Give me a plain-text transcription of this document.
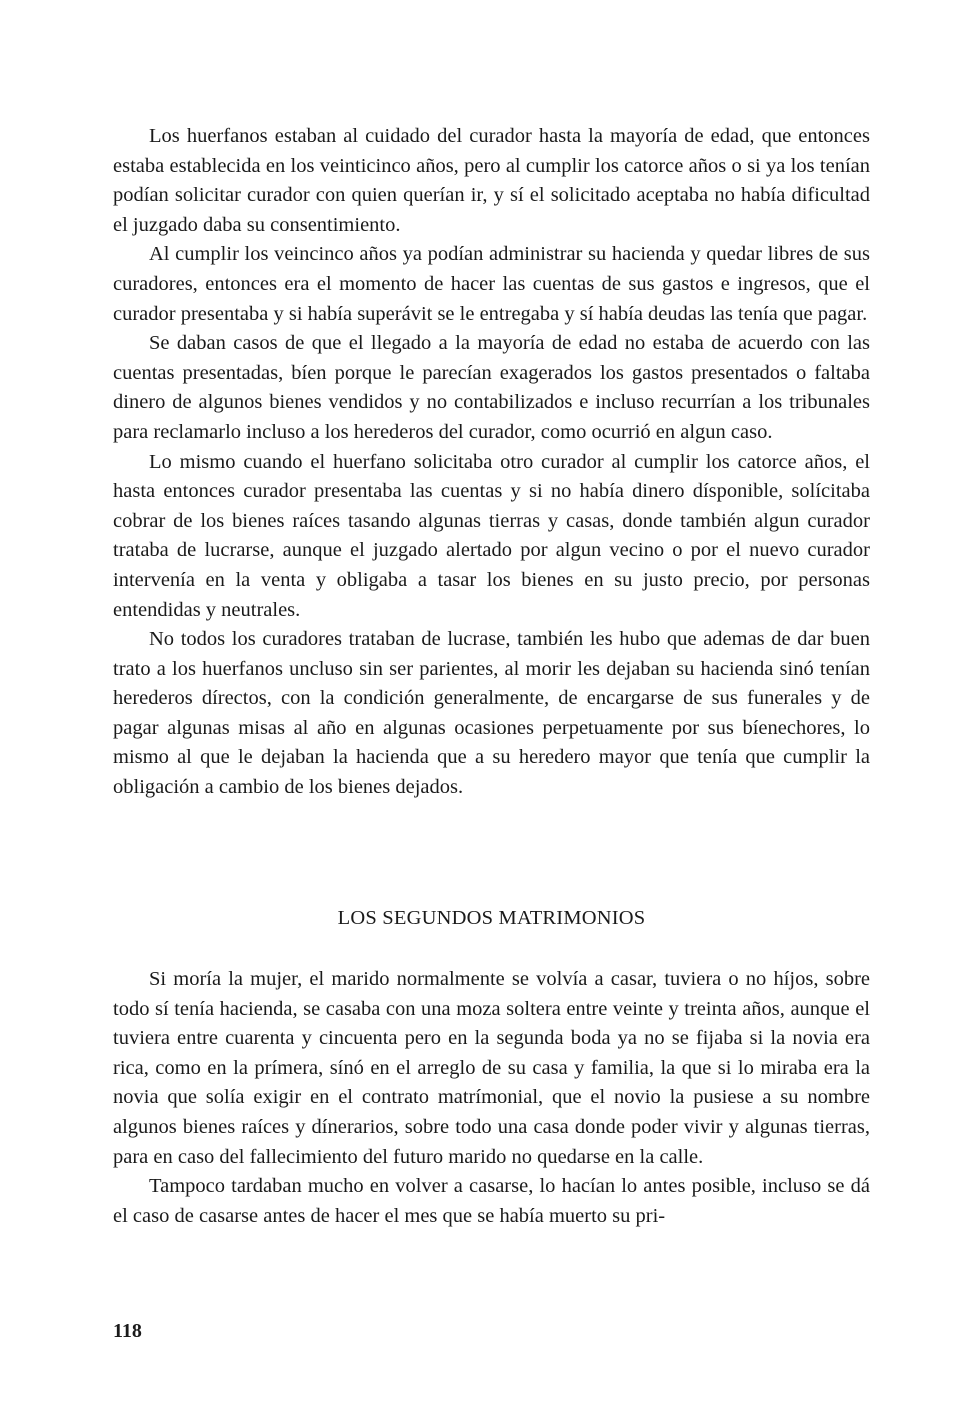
Los huerfanos estaban al cuidado del curador hasta la mayoría de edad, que entonces estaba establecida en los veinticinco años, pero al cumplir los catorce años o si ya los tenían podían solicitar curador con quien querían ir, y sí el solicitado aceptaba no había dificultad el juzgado daba su consentimiento.

Al cumplir los veincinco años ya podían administrar su hacienda y quedar libres de sus curadores, entonces era el momento de hacer las cuentas de sus gastos e ingresos, que el curador presentaba y si había superávit se le entregaba y sí había deudas las tenía que pagar.

Se daban casos de que el llegado a la mayoría de edad no estaba de acuerdo con las cuentas presentadas, bíen porque le parecían exagerados los gastos presentados o faltaba dinero de algunos bienes vendidos y no contabilizados e incluso recurrían a los tribunales para reclamarlo incluso a los herederos del curador, como ocurrió en algun caso.

Lo mismo cuando el huerfano solicitaba otro curador al cumplir los catorce años, el hasta entonces curador presentaba las cuentas y si no había dinero dísponible, solícitaba cobrar de los bienes raíces tasando algunas tierras y casas, donde también algun curador trataba de lucrarse, aunque el juzgado alertado por algun vecino o por el nuevo curador intervenía en la venta y obligaba a tasar los bienes en su justo precio, por personas entendidas y neutrales.

No todos los curadores trataban de lucrase, también les hubo que ademas de dar buen trato a los huerfanos uncluso sin ser parientes, al morir les dejaban su hacienda sinó tenían herederos dírectos, con la condición generalmente, de encargarse de sus funerales y de pagar algunas misas al año en algunas ocasiones perpetuamente por sus bíenechores, lo mismo al que le dejaban la hacienda que a su heredero mayor que tenía que cumplir la obligación a cambio de los bienes dejados.

LOS SEGUNDOS MATRIMONIOS

Si moría la mujer, el marido normalmente se volvía a casar, tuviera o no híjos, sobre todo sí tenía hacienda, se casaba con una moza soltera entre veinte y treinta años, aunque el tuviera entre cuarenta y cincuenta pero en la segunda boda ya no se fijaba si la novia era rica, como en la prímera, sínó en el arreglo de su casa y familia, la que si lo miraba era la novia que solía exigir en el contrato matrímonial, que el novio la pusiese a su nombre algunos bienes raíces y dínerarios, sobre todo una casa donde poder vivir y algunas tierras, para en caso del fallecimiento del futuro marido no quedarse en la calle.

Tampoco tardaban mucho en volver a casarse, lo hacían lo antes posible, incluso se dá el caso de casarse antes de hacer el mes que se había muerto su pri-

118
